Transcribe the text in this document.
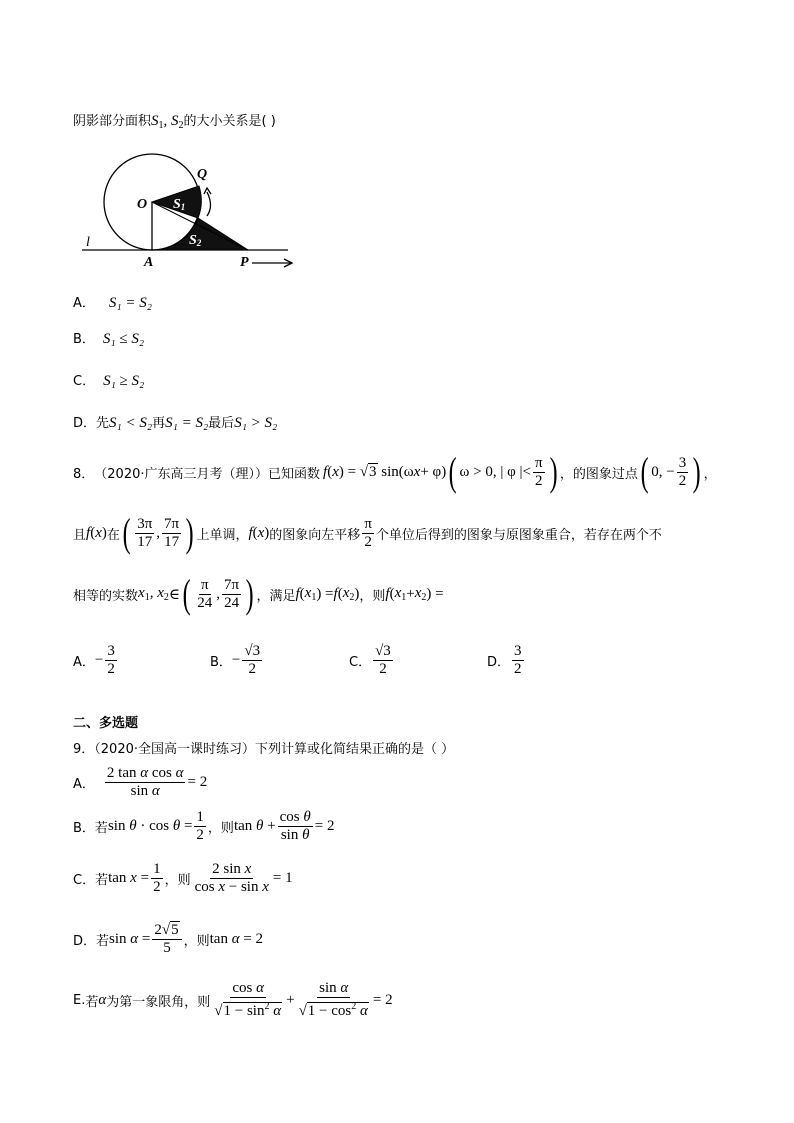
阴影部分面积$S_1$, $S_2$的大小关系是( )
O
Q
S1
S2
A	P
l
A． S₁ = S₂
B． S₁ ≤ S₂
C． S₁ ≥ S₂
D．先S₁ < S₂再S₁ = S₂最后S₁ > S₂
8． （2020·广东高三月考（理）） 已知函数 f ( x ) = √3 sin(ω x + φ) ( ω > 0, | φ |< $\frac{\pi}{2}$ ) ，的图象过点 ( 0, − $\frac{3}{2}$ ) ，
且 f ( x ) 在 ( $\frac{3\pi}{17}$ , $\frac{7\pi}{17}$ ) 上单调， f ( x ) 的图象向左平移 $\frac{\pi}{2}$ 个单位后得到的图象与原图象重合，若存在两个不
相等的实数 $x_1$, $x_2$ ∈ ( $\frac{\pi}{24}$ , $\frac{7\pi}{24}$ ) ，满足 f ( $x_1$ ) = f ( $x_2$ ) ，则 f ( $x_1 + x_2$ ) =
A． − $\frac{3}{2}$	B． − $\frac{√3}{2}$	C． $\frac{√3}{2}$	D． $\frac{3}{2}$
二、多选题
9．（2020·全国高一课时练习）下列计算或化简结果正确的是（ ）
A． $\frac{\text{2 tan α cos α}}{\text{sin α}} = 2$
B． 若 $\sin \theta \cdot \cos \theta = \frac{1}{2}$ ，则 $\tan \theta + \frac{\text{cos θ}}{\text{sin θ}} = 2$
C． 若 $\tan x = \frac{1}{2}$ ，则 $\frac{\text{2 sin x}}{\text{cos x − sin x}} = 1$
D． 若 $\sin \alpha = \frac{2√5}{5}$ ，则 tan α = 2
E. 若 α 为第一象限角，则 $\frac{\text{cos α}}{√1 - \sin^2 \alpha} + \frac{\text{sin α}}{√1 - \cos^2 \alpha} = 2$
